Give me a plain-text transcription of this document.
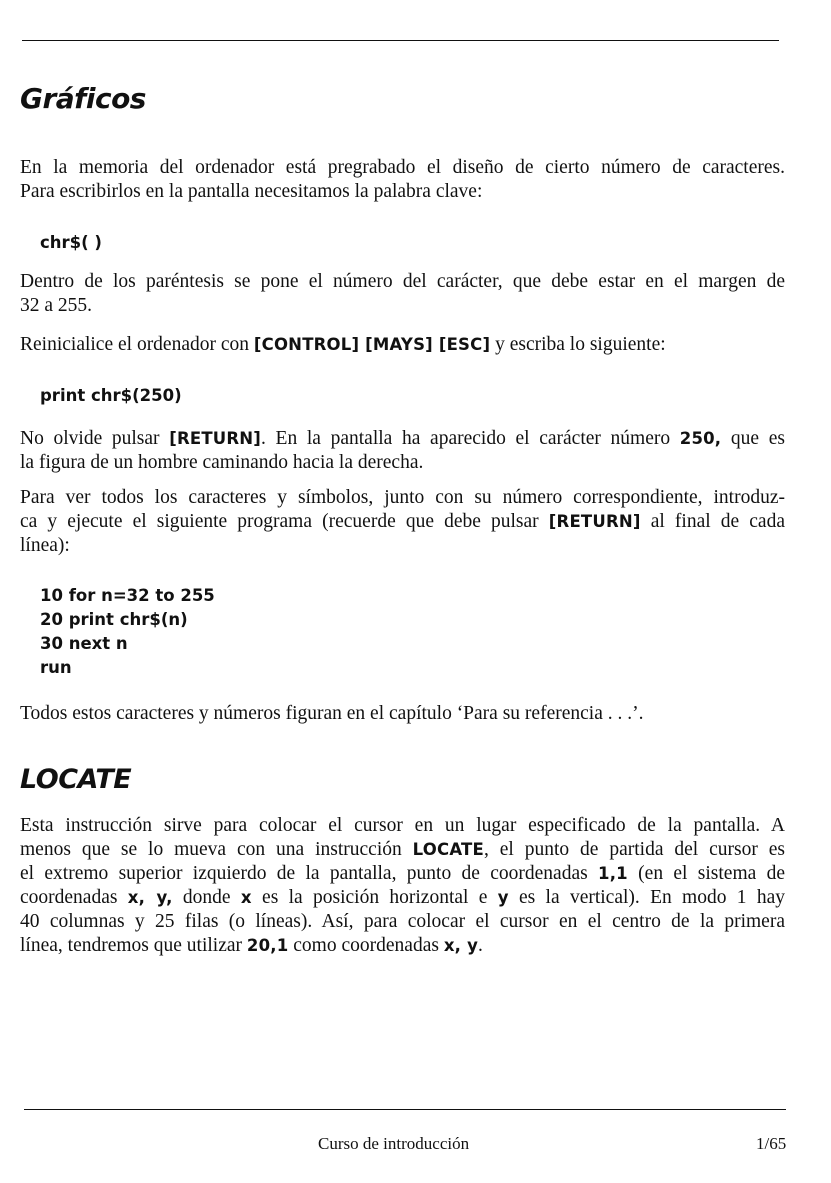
Gráficos

En la memoria del ordenador está pregrabado el diseño de cierto número de caracteres.
Para escribirlos en la pantalla necesitamos la palabra clave:

chr$( )

Dentro de los paréntesis se pone el número del carácter, que debe estar en el margen de
32 a 255.

Reinicialice el ordenador con [CONTROL] [MAYS] [ESC] y escriba lo siguiente:

print chr$(250)

No olvide pulsar [RETURN]. En la pantalla ha aparecido el carácter número 250, que es
la figura de un hombre caminando hacia la derecha.

Para ver todos los caracteres y símbolos, junto con su número correspondiente, introduz-
ca y ejecute el siguiente programa (recuerde que debe pulsar [RETURN] al final de cada
línea):

10 for n=32 to 255
20 print chr$(n)
30 next n
run

Todos estos caracteres y números figuran en el capítulo ‘Para su referencia . . .’.

LOCATE

Esta instrucción sirve para colocar el cursor en un lugar especificado de la pantalla. A
menos que se lo mueva con una instrucción LOCATE, el punto de partida del cursor es
el extremo superior izquierdo de la pantalla, punto de coordenadas 1,1 (en el sistema de
coordenadas x, y, donde x es la posición horizontal e y es la vertical). En modo 1 hay
40 columnas y 25 filas (o líneas). Así, para colocar el cursor en el centro de la primera
línea, tendremos que utilizar 20,1 como coordenadas x, y.

Curso de introducción	1/65
